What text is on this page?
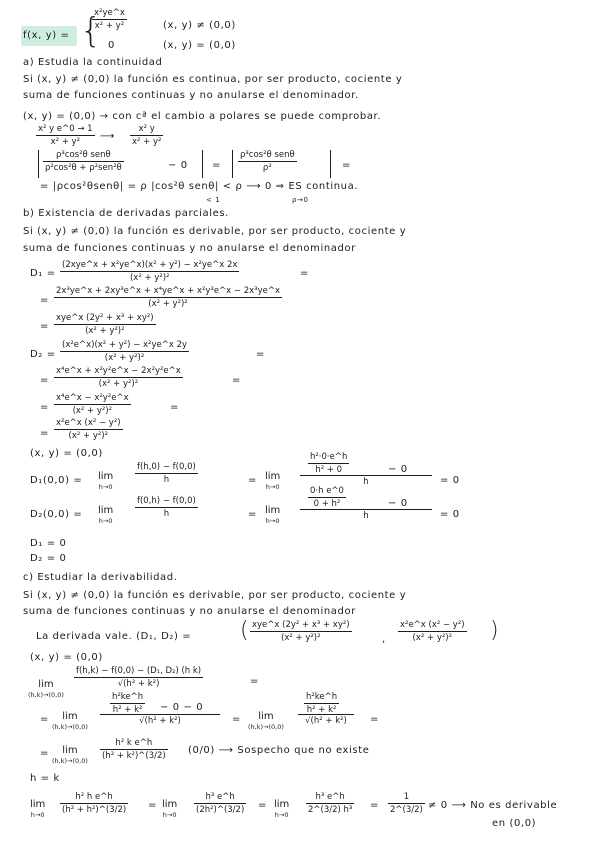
f(x, y) = {
x²ye^x
x² + y²	(x, y) ≠ (0,0)
0	(x, y) = (0,0)
a) Estudia la continuidad
Si (x, y) ≠ (0,0) la función es continua, por ser producto, cociente y
suma de funciones continuas y no anularse el denominador.
(x, y) = (0,0) → con cª el cambio a polares se puede comprobar.
x² y e^0 → 1
x² + y² ⟶
x² y
x² + y²
ρ³cos²θ senθ
ρ²cos²θ + ρ²sen²θ	− 0 =
ρ³cos²θ senθ
ρ²	=
= |ρcos²θsenθ| = ρ |cos²θ senθ| < ρ ⟶ 0 ⇒ ES continua.
< 1	ρ→0
b) Existencia de derivadas parciales.
Si (x, y) ≠ (0,0) la función es derivable, por ser producto, cociente y
suma de funciones continuas y no anularse el denominador
D₁ =
(2xye^x + x²ye^x)(x² + y²) − x²ye^x 2x
(x² + y²)²	=
=
2x³ye^x + 2xy³e^x + x⁴ye^x + x²y³e^x − 2x³ye^x
(x² + y²)²
=
xye^x (2y² + x³ + xy²)
(x² + y²)²
D₂ =
(x²e^x)(x² + y²) − x²ye^x 2y
(x² + y²)²	=
=
x⁴e^x + x²y²e^x − 2x²y²e^x
(x² + y²)²	=
=
x⁴e^x − x²y²e^x
(x² + y²)²	=
=
x²e^x (x² − y²)
(x² + y²)²
(x, y) = (0,0)
D₁(0,0) = lim
h→0
f(h,0) − f(0,0)
h	= lim
h→0
h²·0·e^h
h² + 0	− 0
h	= 0
D₂(0,0) = lim
h→0
f(0,h) − f(0,0)
h	= lim
h→0
0·h e^0
0 + h²	− 0
h	= 0
D₁ = 0
D₂ = 0
c) Estudiar la derivabilidad.
Si (x, y) ≠ (0,0) la función es derivable, por ser producto, cociente y
suma de funciones continuas y no anularse el denominador
La derivada vale. (D₁, D₂) = ( xye^x (2y² + x³ + xy²)
(x² + y²)²	,
x²e^x (x² − y²)
(x² + y²)² )
(x, y) = (0,0)
lim
(h,k)→(0,0)
f(h,k) − f(0,0) − (D₁, D₂) (h k)
√(h² + k²)	=
= lim
(h,k)→(0,0)
h²ke^h
h² + k² − 0 − 0
√(h² + k²)	= lim
(h,k)→(0,0)
h²ke^h
h² + k²
√(h² + k²) =
= lim
(h,k)→(0,0)
h² k e^h
(h² + k²)^(3/2) (0/0) ⟶ Sospecho que no existe
h = k
lim
h→0
h² h e^h
(h² + h²)^(3/2) = lim
h→0
h³ e^h
(2h²)^(3/2) = lim
h→0
h³ e^h
2^(3/2) h³ =
1
2^(3/2) ≠ 0 ⟶ No es derivable
en (0,0)
